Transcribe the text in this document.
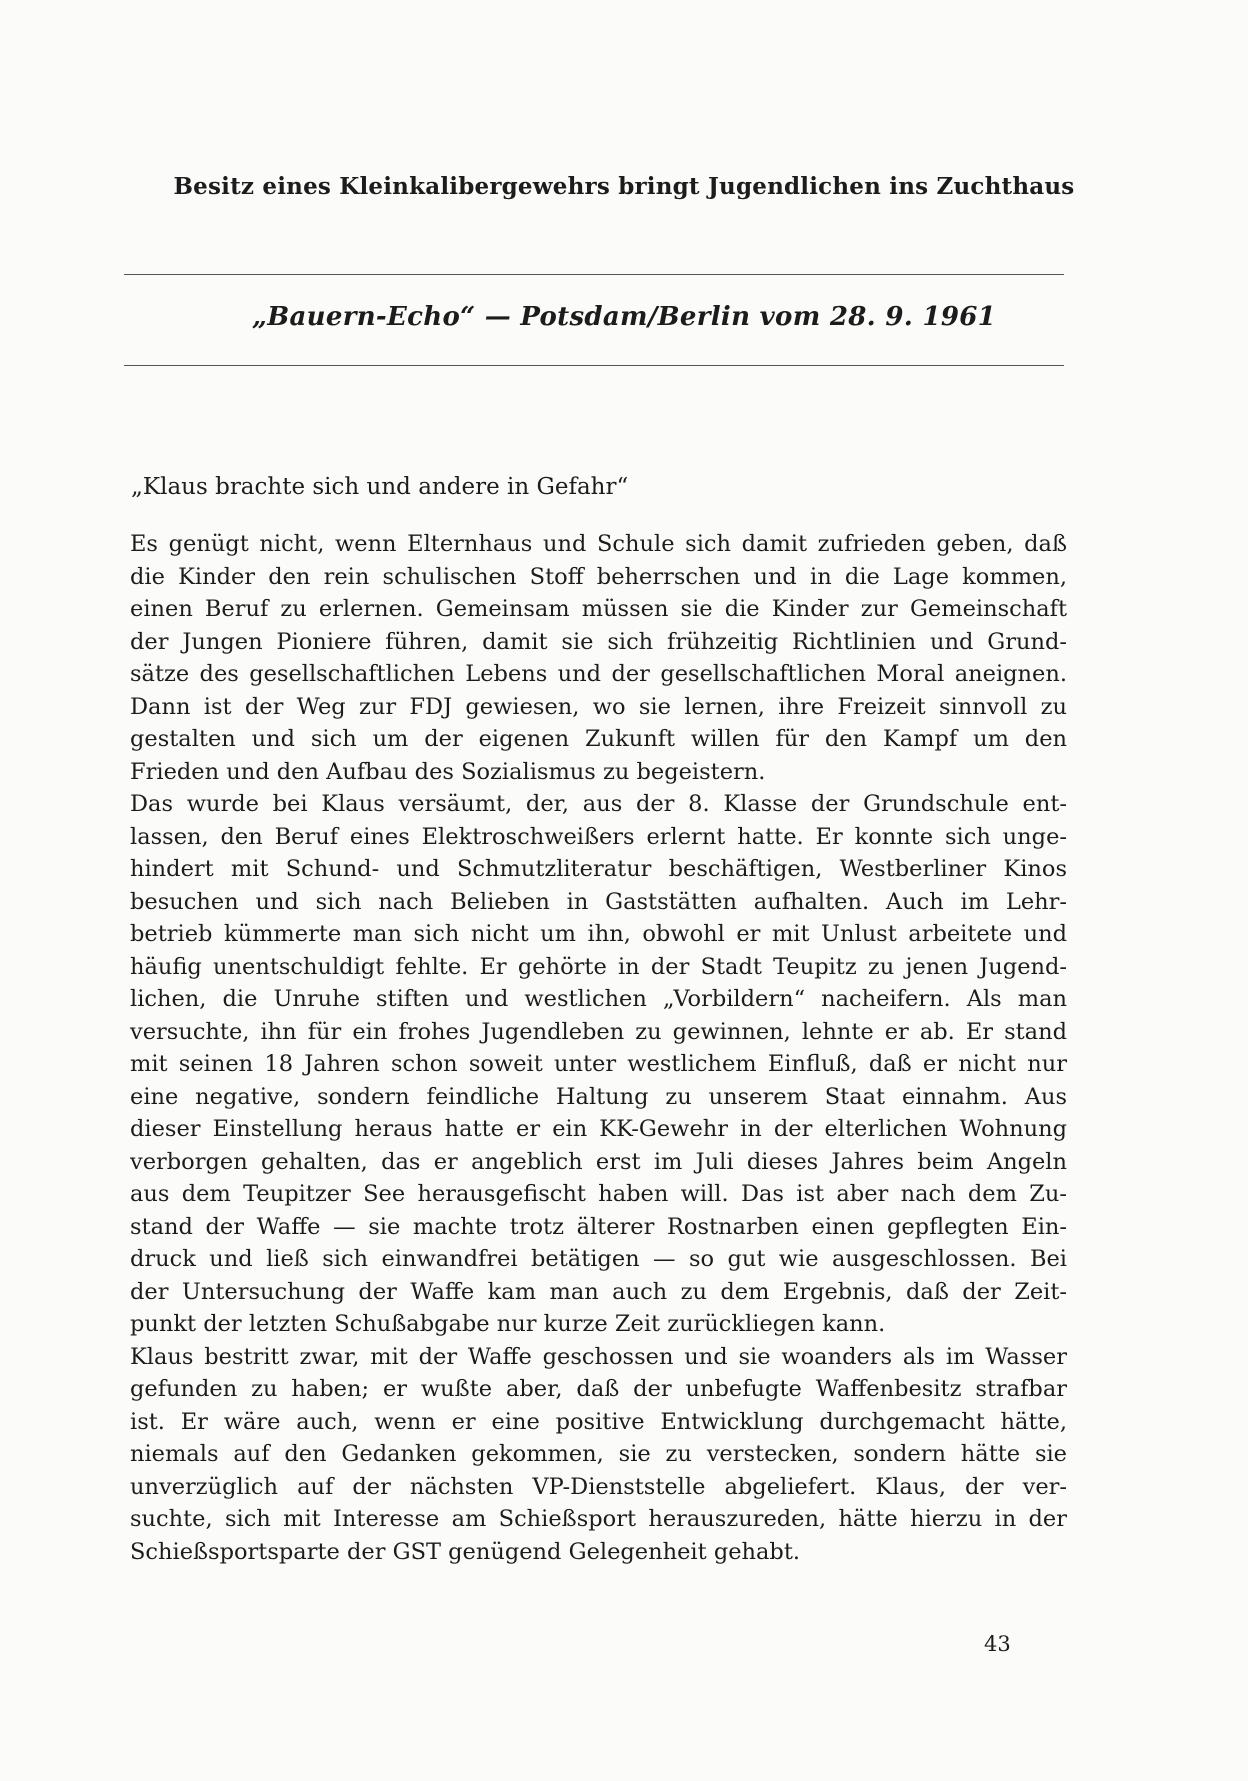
Besitz eines Kleinkalibergewehrs bringt Jugendlichen ins Zuchthaus
„Bauern-Echo“ — Potsdam/Berlin vom 28. 9. 1961
„Klaus brachte sich und andere in Gefahr“
Es genügt nicht, wenn Elternhaus und Schule sich damit zufrieden geben, daß
die Kinder den rein schulischen Stoff beherrschen und in die Lage kommen,
einen Beruf zu erlernen. Gemeinsam müssen sie die Kinder zur Gemeinschaft
der Jungen Pioniere führen, damit sie sich frühzeitig Richtlinien und Grund-
sätze des gesellschaftlichen Lebens und der gesellschaftlichen Moral aneignen.
Dann ist der Weg zur FDJ gewiesen, wo sie lernen, ihre Freizeit sinnvoll zu
gestalten und sich um der eigenen Zukunft willen für den Kampf um den
Frieden und den Aufbau des Sozialismus zu begeistern.
Das wurde bei Klaus versäumt, der, aus der 8. Klasse der Grundschule ent-
lassen, den Beruf eines Elektroschweißers erlernt hatte. Er konnte sich unge-
hindert mit Schund- und Schmutzliteratur beschäftigen, Westberliner Kinos
besuchen und sich nach Belieben in Gaststätten aufhalten. Auch im Lehr-
betrieb kümmerte man sich nicht um ihn, obwohl er mit Unlust arbeitete und
häufig unentschuldigt fehlte. Er gehörte in der Stadt Teupitz zu jenen Jugend-
lichen, die Unruhe stiften und westlichen „Vorbildern“ nacheifern. Als man
versuchte, ihn für ein frohes Jugendleben zu gewinnen, lehnte er ab. Er stand
mit seinen 18 Jahren schon soweit unter westlichem Einfluß, daß er nicht nur
eine negative, sondern feindliche Haltung zu unserem Staat einnahm. Aus
dieser Einstellung heraus hatte er ein KK-Gewehr in der elterlichen Wohnung
verborgen gehalten, das er angeblich erst im Juli dieses Jahres beim Angeln
aus dem Teupitzer See herausgefischt haben will. Das ist aber nach dem Zu-
stand der Waffe — sie machte trotz älterer Rostnarben einen gepflegten Ein-
druck und ließ sich einwandfrei betätigen — so gut wie ausgeschlossen. Bei
der Untersuchung der Waffe kam man auch zu dem Ergebnis, daß der Zeit-
punkt der letzten Schußabgabe nur kurze Zeit zurückliegen kann.
Klaus bestritt zwar, mit der Waffe geschossen und sie woanders als im Wasser
gefunden zu haben; er wußte aber, daß der unbefugte Waffenbesitz strafbar
ist. Er wäre auch, wenn er eine positive Entwicklung durchgemacht hätte,
niemals auf den Gedanken gekommen, sie zu verstecken, sondern hätte sie
unverzüglich auf der nächsten VP-Dienststelle abgeliefert. Klaus, der ver-
suchte, sich mit Interesse am Schießsport herauszureden, hätte hierzu in der
Schießsportsparte der GST genügend Gelegenheit gehabt.
43
